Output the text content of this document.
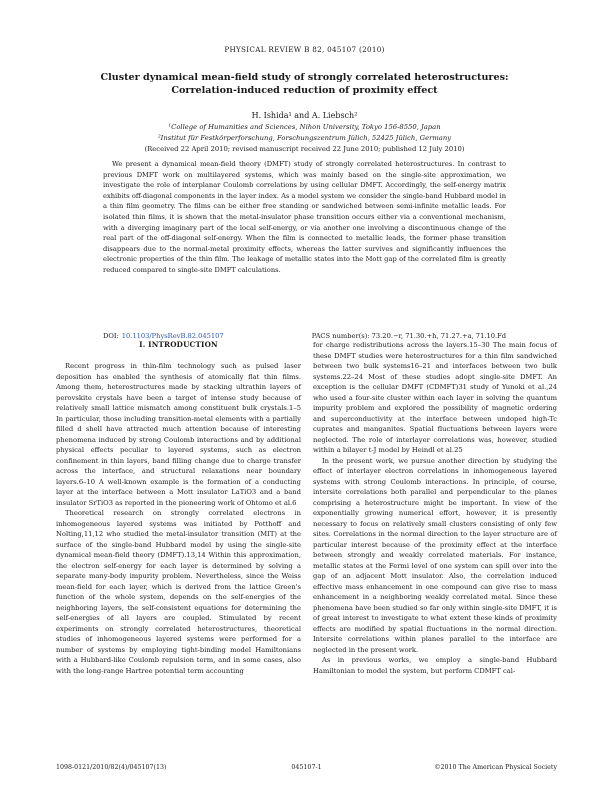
PHYSICAL REVIEW B 82, 045107 (2010)
Cluster dynamical mean-field study of strongly correlated heterostructures:
Correlation-induced reduction of proximity effect
H. Ishida¹ and A. Liebsch²
¹College of Humanities and Sciences, Nihon University, Tokyo 156-8550, Japan
²Institut für Festkörperforschung, Forschungszentrum Jülich, 52425 Jülich, Germany
(Received 22 April 2010; revised manuscript received 22 June 2010; published 12 July 2010)
We present a dynamical mean-field theory (DMFT) study of strongly correlated heterostructures. In contrast to previous DMFT work on multilayered systems, which was mainly based on the single-site approximation, we investigate the role of interplanar Coulomb correlations by using cellular DMFT. Accordingly, the self-energy matrix exhibits off-diagonal components in the layer index. As a model system we consider the single-band Hubbard model in a thin film geometry. The films can be either free standing or sandwiched between semi-infinite metallic leads. For isolated thin films, it is shown that the metal-insulator phase transition occurs either via a conventional mechanism, with a diverging imaginary part of the local self-energy, or via another one involving a discontinuous change of the real part of the off-diagonal self-energy. When the film is connected to metallic leads, the former phase transition disappears due to the normal-metal proximity effects, whereas the latter survives and significantly influences the electronic properties of the thin film. The leakage of metallic states into the Mott gap of the correlated film is greatly reduced compared to single-site DMFT calculations.
DOI: 10.1103/PhysRevB.82.045107	PACS number(s): 73.20.−r, 71.30.+h, 71.27.+a, 71.10.Fd
I. INTRODUCTION

Recent progress in thin-film technology such as pulsed laser deposition has enabled the synthesis of atomically flat thin films. Among them, heterostructures made by stacking ultrathin layers of perovskite crystals have been a target of intense study because of relatively small lattice mismatch among constituent bulk crystals.1–5 In particular, those including transition-metal elements with a partially filled d shell have attracted much attention because of interesting phenomena induced by strong Coulomb interactions and by additional physical effects peculiar to layered systems, such as electron confinement in thin layers, band filling change due to charge transfer across the interface, and structural relaxations near boundary layers.6–10 A well-known example is the formation of a conducting layer at the interface between a Mott insulator LaTiO3 and a band insulator SrTiO3 as reported in the pioneering work of Ohtomo et al.6

Theoretical research on strongly correlated electrons in inhomogeneous layered systems was initiated by Potthoff and Nolting,11,12 who studied the metal-insulator transition (MIT) at the surface of the single-band Hubbard model by using the single-site dynamical mean-field theory (DMFT).13,14 Within this approximation, the electron self-energy for each layer is determined by solving a separate many-body impurity problem. Nevertheless, since the Weiss mean-field for each layer, which is derived from the lattice Green's function of the whole system, depends on the self-energies of the neighboring layers, the self-consistent equations for determining the self-energies of all layers are coupled. Stimulated by recent experiments on strongly correlated heterostructures, theoretical studies of inhomogeneous layered systems were performed for a number of systems by employing tight-binding model Hamiltonians with a Hubbard-like Coulomb repulsion term, and in some cases, also with the long-range Hartree potential term accounting

for charge redistributions across the layers.15–30 The main focus of these DMFT studies were heterostructures for a thin film sandwiched between two bulk systems16–21 and interfaces between two bulk systems.22–24 Most of these studies adopt single-site DMFT. An exception is the cellular DMFT (CDMFT)31 study of Yunoki et al.,24 who used a four-site cluster within each layer in solving the quantum impurity problem and explored the possibility of magnetic ordering and superconductivity at the interface between undoped high-Tc cuprates and manganites. Spatial fluctuations between layers were neglected. The role of interlayer correlations was, however, studied within a bilayer t-J model by Heindl et al.25

In the present work, we pursue another direction by studying the effect of interlayer electron correlations in inhomogeneous layered systems with strong Coulomb interactions. In principle, of course, intersite correlations both parallel and perpendicular to the planes comprising a heterostructure might be important. In view of the exponentially growing numerical effort, however, it is presently necessary to focus on relatively small clusters consisting of only few sites. Correlations in the normal direction to the layer structure are of particular interest because of the proximity effect at the interface between strongly and weakly correlated materials. For instance, metallic states at the Fermi level of one system can spill over into the gap of an adjacent Mott insulator. Also, the correlation induced effective mass enhancement in one compound can give rise to mass enhancement in a neighboring weakly correlated metal. Since these phenomena have been studied so far only within single-site DMFT, it is of great interest to investigate to what extent these kinds of proximity effects are modified by spatial fluctuations in the normal direction. Intersite correlations within planes parallel to the interface are neglected in the present work.

As in previous works, we employ a single-band Hubbard Hamiltonian to model the system, but perform CDMFT cal-

1098-0121/2010/82(4)/045107(13)	045107-1	©2010 The American Physical Society
